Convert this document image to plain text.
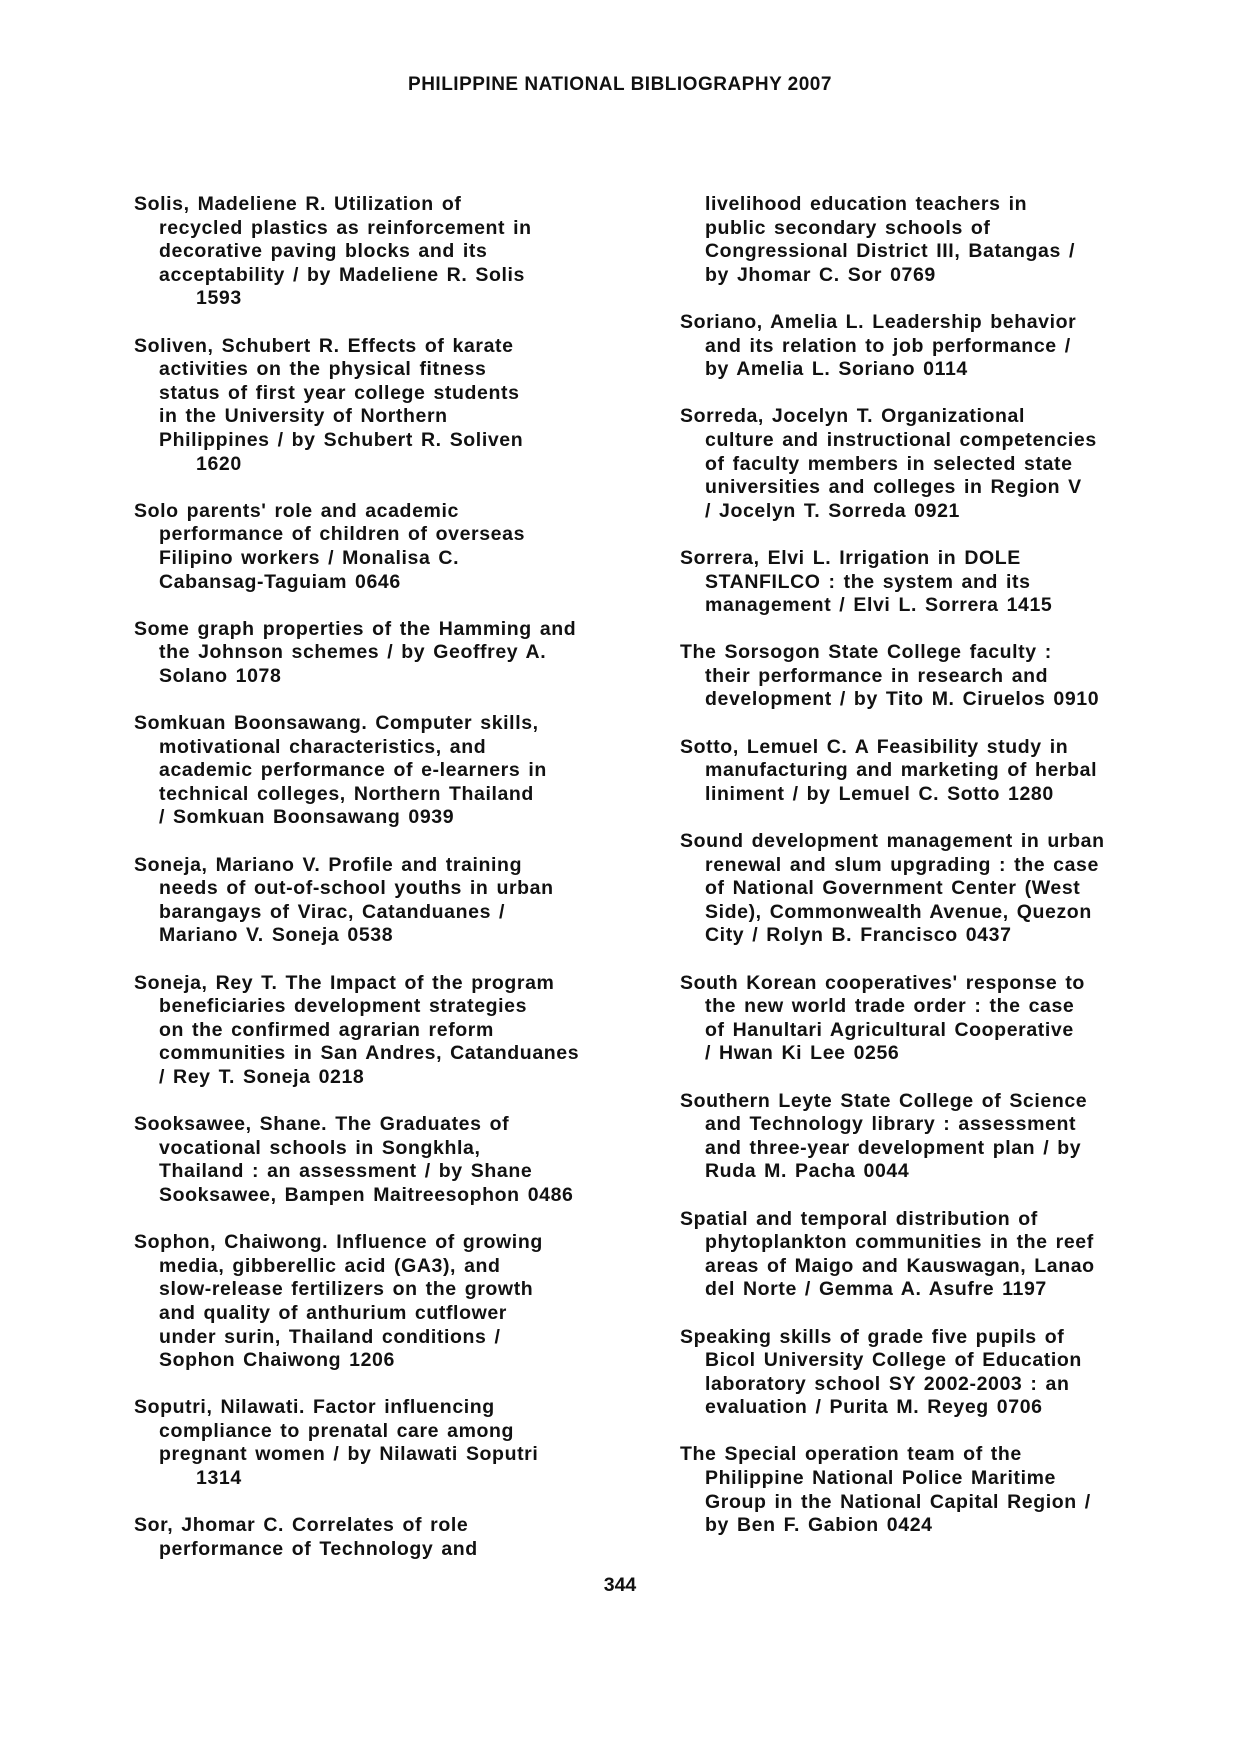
PHILIPPINE NATIONAL BIBLIOGRAPHY 2007
Solis, Madeliene R. Utilization of
recycled plastics as reinforcement in
decorative paving blocks and its
acceptability / by Madeliene R. Solis
1593
Soliven, Schubert R. Effects of karate
activities on the physical fitness
status of first year college students
in the University of Northern
Philippines / by Schubert R. Soliven
1620
Solo parents' role and academic
performance of children of overseas
Filipino workers / Monalisa C.
Cabansag-Taguiam 0646
Some graph properties of the Hamming and
the Johnson schemes / by Geoffrey A.
Solano 1078
Somkuan Boonsawang. Computer skills,
motivational characteristics, and
academic performance of e-learners in
technical colleges, Northern Thailand
/ Somkuan Boonsawang 0939
Soneja, Mariano V. Profile and training
needs of out-of-school youths in urban
barangays of Virac, Catanduanes /
Mariano V. Soneja 0538
Soneja, Rey T. The Impact of the program
beneficiaries development strategies
on the confirmed agrarian reform
communities in San Andres, Catanduanes
/ Rey T. Soneja 0218
Sooksawee, Shane. The Graduates of
vocational schools in Songkhla,
Thailand : an assessment / by Shane
Sooksawee, Bampen Maitreesophon 0486
Sophon, Chaiwong. Influence of growing
media, gibberellic acid (GA3), and
slow-release fertilizers on the growth
and quality of anthurium cutflower
under surin, Thailand conditions /
Sophon Chaiwong 1206
Soputri, Nilawati. Factor influencing
compliance to prenatal care among
pregnant women / by Nilawati Soputri
1314
Sor, Jhomar C. Correlates of role
performance of Technology and
livelihood education teachers in
public secondary schools of
Congressional District III, Batangas /
by Jhomar C. Sor 0769
Soriano, Amelia L. Leadership behavior
and its relation to job performance /
by Amelia L. Soriano 0114
Sorreda, Jocelyn T. Organizational
culture and instructional competencies
of faculty members in selected state
universities and colleges in Region V
/ Jocelyn T. Sorreda 0921
Sorrera, Elvi L. Irrigation in DOLE
STANFILCO : the system and its
management / Elvi L. Sorrera 1415
The Sorsogon State College faculty :
their performance in research and
development / by Tito M. Ciruelos 0910
Sotto, Lemuel C. A Feasibility study in
manufacturing and marketing of herbal
liniment / by Lemuel C. Sotto 1280
Sound development management in urban
renewal and slum upgrading : the case
of National Government Center (West
Side), Commonwealth Avenue, Quezon
City / Rolyn B. Francisco 0437
South Korean cooperatives' response to
the new world trade order : the case
of Hanultari Agricultural Cooperative
/ Hwan Ki Lee 0256
Southern Leyte State College of Science
and Technology library : assessment
and three-year development plan / by
Ruda M. Pacha 0044
Spatial and temporal distribution of
phytoplankton communities in the reef
areas of Maigo and Kauswagan, Lanao
del Norte / Gemma A. Asufre 1197
Speaking skills of grade five pupils of
Bicol University College of Education
laboratory school SY 2002-2003 : an
evaluation / Purita M. Reyeg 0706
The Special operation team of the
Philippine National Police Maritime
Group in the National Capital Region /
by Ben F. Gabion 0424
344
